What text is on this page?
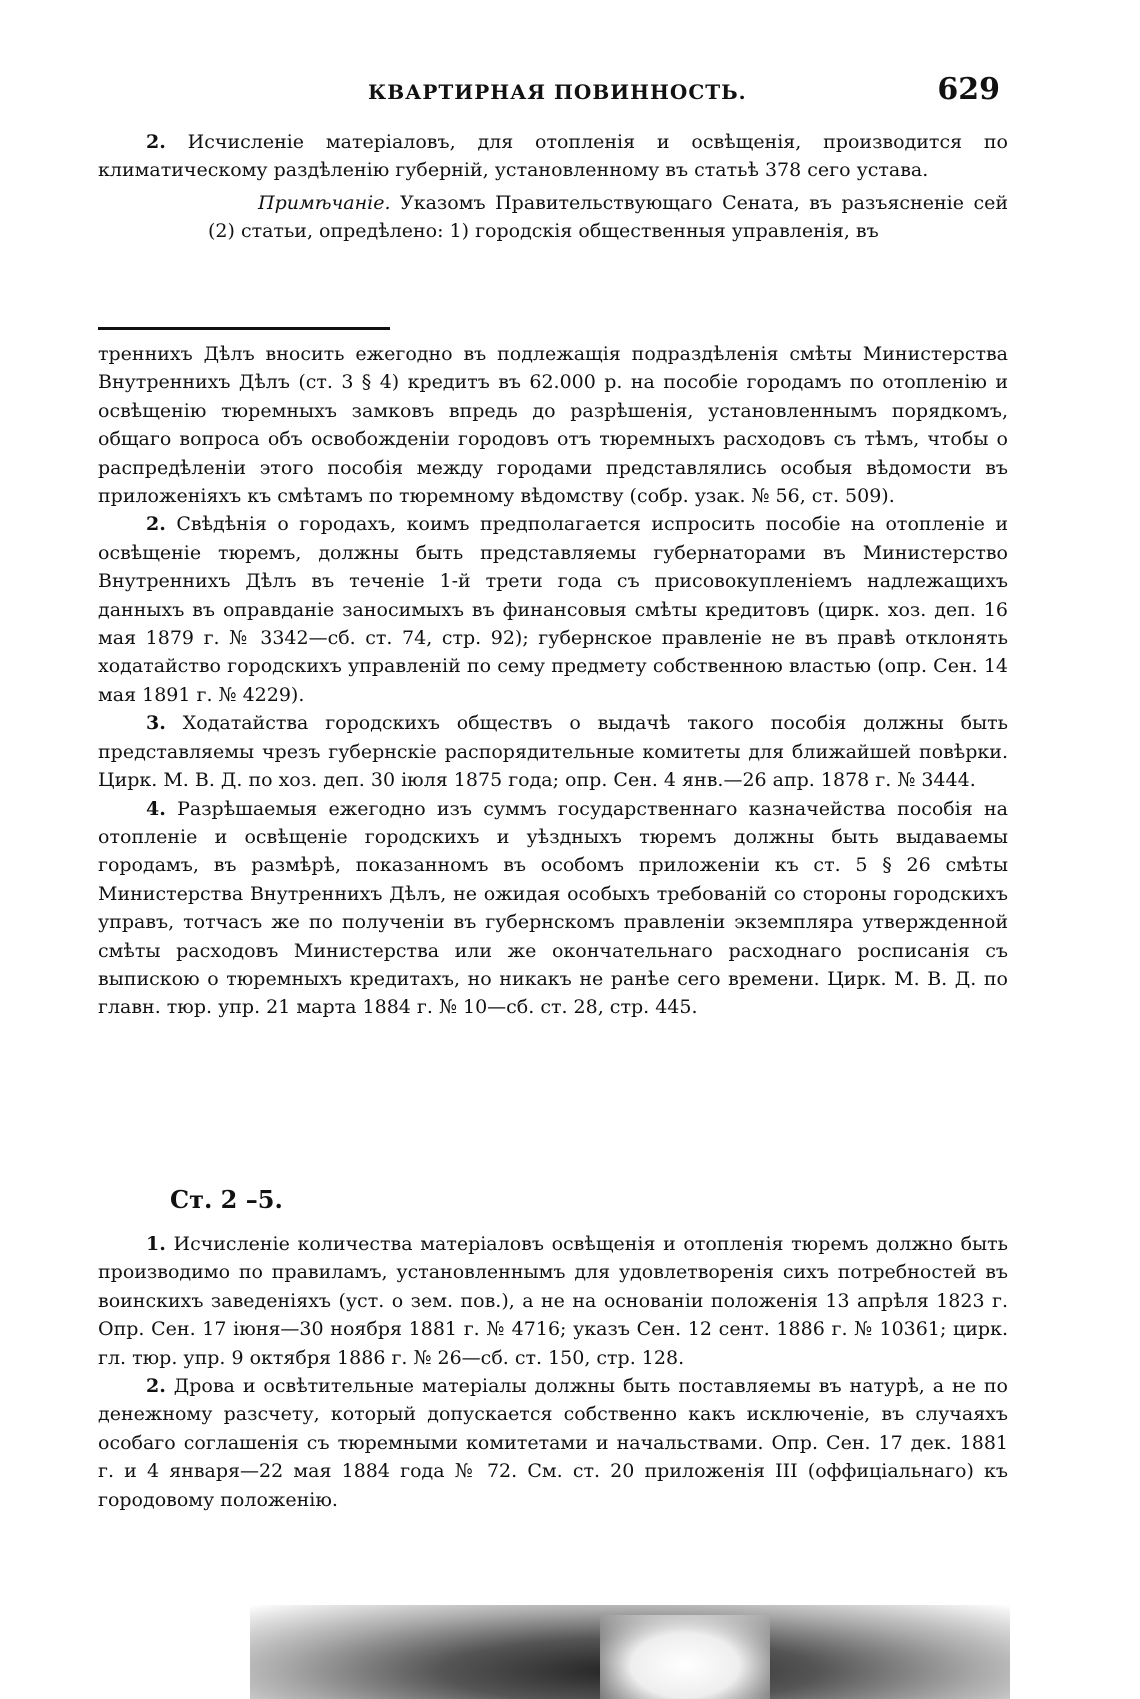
КВАРТИРНАЯ ПОВИННОСТЬ.	629

2. Исчисленіе матеріаловъ, для отопленія и освѣщенія, производится по климатическому раздѣленію губерній, установленному въ статьѣ 378 сего устава.

Примѣчаніе. Указомъ Правительствующаго Сената, въ разъясненіе сей (2) статьи, опредѣлено: 1) городскія общественныя управленія, въ

треннихъ Дѣлъ вносить ежегодно въ подлежащія подраздѣленія смѣты Министерства Внутреннихъ Дѣлъ (ст. 3 § 4) кредитъ въ 62.000 р. на пособіе городамъ по отопленію и освѣщенію тюремныхъ замковъ впредь до разрѣшенія, установленнымъ порядкомъ, общаго вопроса объ освобожденіи городовъ отъ тюремныхъ расходовъ съ тѣмъ, чтобы о распредѣленіи этого пособія между городами представлялись особыя вѣдомости въ приложеніяхъ къ смѣтамъ по тюремному вѣдомству (собр. узак. № 56, ст. 509).

2. Свѣдѣнія о городахъ, коимъ предполагается испросить пособіе на отопленіе и освѣщеніе тюремъ, должны быть представляемы губернаторами въ Министерство Внутреннихъ Дѣлъ въ теченіе 1-й трети года съ присовокупленіемъ надлежащихъ данныхъ въ оправданіе заносимыхъ въ финансовыя смѣты кредитовъ (цирк. хоз. деп. 16 мая 1879 г. № 3342—сб. ст. 74, стр. 92); губернское правленіе не въ правѣ отклонять ходатайство городскихъ управленій по сему предмету собственною властью (опр. Сен. 14 мая 1891 г. № 4229).

3. Ходатайства городскихъ обществъ о выдачѣ такого пособія должны быть представляемы чрезъ губернскіе распорядительные комитеты для ближайшей повѣрки. Цирк. М. В. Д. по хоз. деп. 30 іюля 1875 года; опр. Сен. 4 янв.—26 апр. 1878 г. № 3444.

4. Разрѣшаемыя ежегодно изъ суммъ государственнаго казначейства пособія на отопленіе и освѣщеніе городскихъ и уѣздныхъ тюремъ должны быть выдаваемы городамъ, въ размѣрѣ, показанномъ въ особомъ приложеніи къ ст. 5 § 26 смѣты Министерства Внутреннихъ Дѣлъ, не ожидая особыхъ требованій со стороны городскихъ управъ, тотчасъ же по полученіи въ губернскомъ правленіи экземпляра утвержденной смѣты расходовъ Министерства или же окончательнаго расходнаго росписанія съ выпискою о тюремныхъ кредитахъ, но никакъ не ранѣе сего времени. Цирк. М. В. Д. по главн. тюр. упр. 21 марта 1884 г. № 10—сб. ст. 28, стр. 445.

Ст. 2 –5.

1. Исчисленіе количества матеріаловъ освѣщенія и отопленія тюремъ должно быть производимо по правиламъ, установленнымъ для удовлетворенія сихъ потребностей въ воинскихъ заведеніяхъ (уст. о зем. пов.), а не на основаніи положенія 13 апрѣля 1823 г. Опр. Сен. 17 іюня—30 ноября 1881 г. № 4716; указъ Сен. 12 сент. 1886 г. № 10361; цирк. гл. тюр. упр. 9 октября 1886 г. № 26—сб. ст. 150, стр. 128.

2. Дрова и освѣтительные матеріалы должны быть поставляемы въ натурѣ, а не по денежному разсчету, который допускается собственно какъ исключеніе, въ случаяхъ особаго соглашенія съ тюремными комитетами и начальствами. Опр. Сен. 17 дек. 1881 г. и 4 января—22 мая 1884 года № 72. См. ст. 20 приложенія III (оффиціальнаго) къ городовому положенію.
